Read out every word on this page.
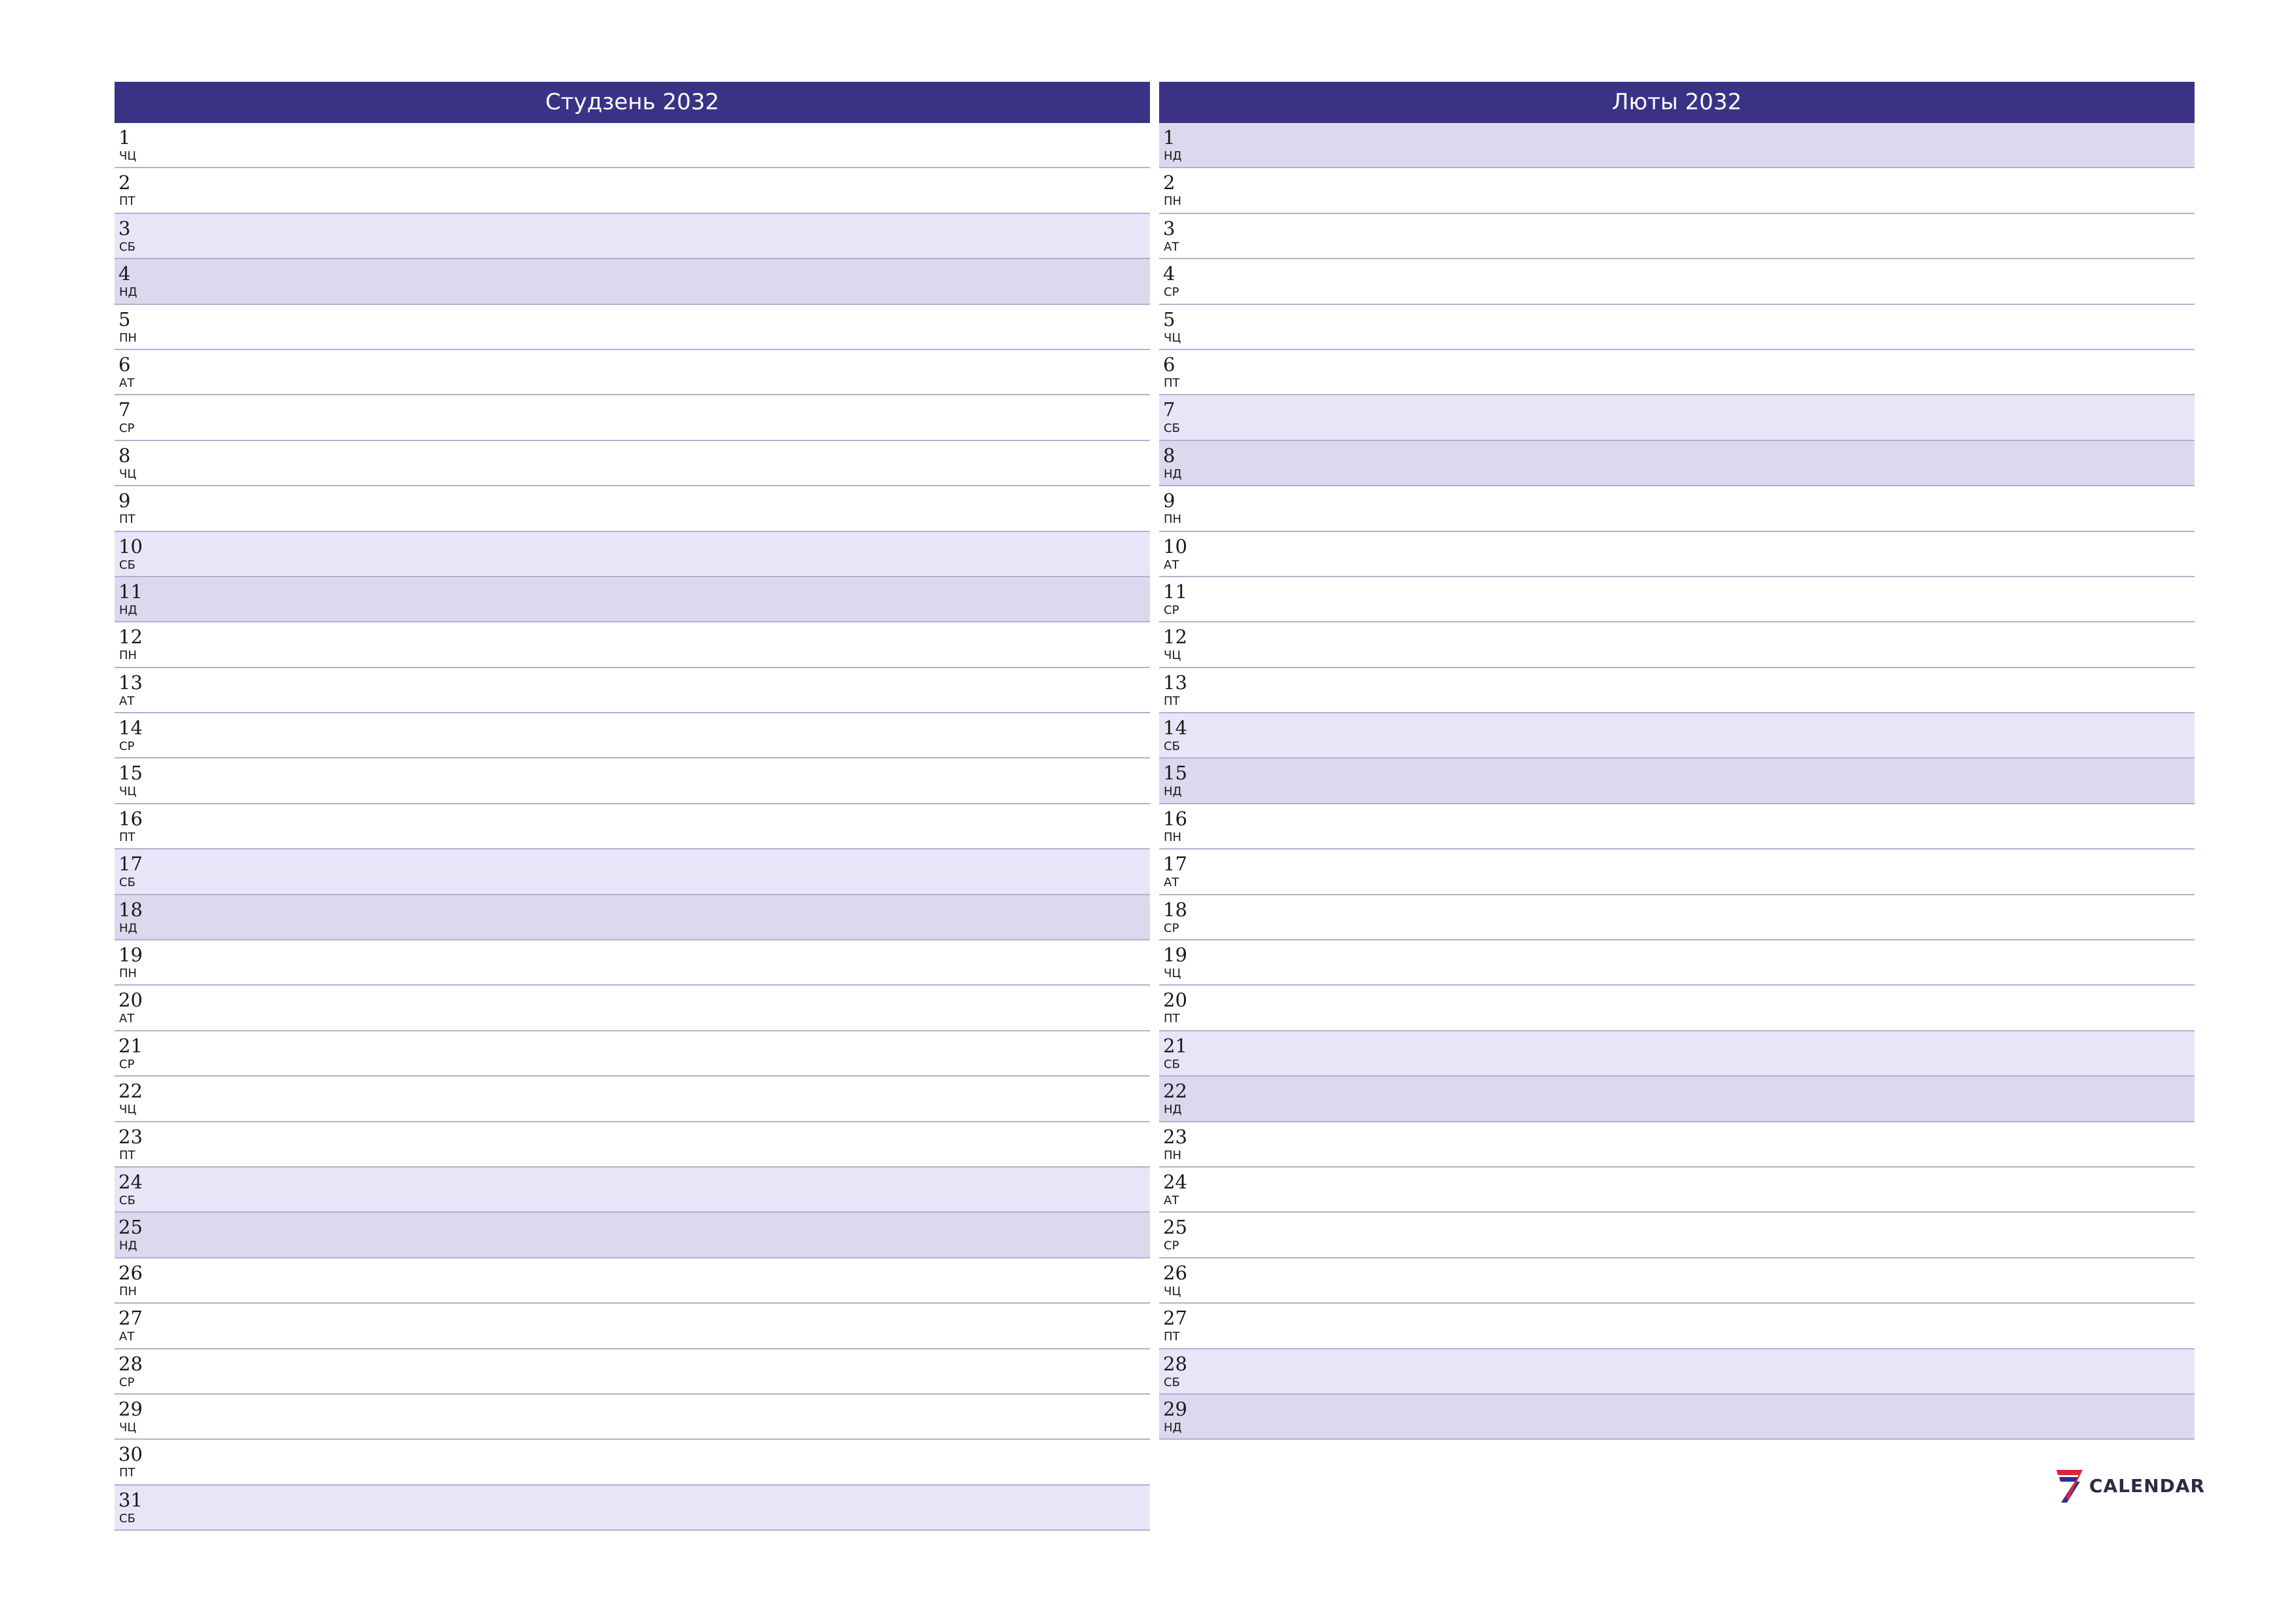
Студзень 2032
1
ЧЦ
2
ПТ
3
СБ
4
НД
5
ПН
6
АТ
7
СР
8
ЧЦ
9
ПТ
10
СБ
11
НД
12
ПН
13
АТ
14
СР
15
ЧЦ
16
ПТ
17
СБ
18
НД
19
ПН
20
АТ
21
СР
22
ЧЦ
23
ПТ
24
СБ
25
НД
26
ПН
27
АТ
28
СР
29
ЧЦ
30
ПТ
31
СБ
Люты 2032
1
НД
2
ПН
3
АТ
4
СР
5
ЧЦ
6
ПТ
7
СБ
8
НД
9
ПН
10
АТ
11
СР
12
ЧЦ
13
ПТ
14
СБ
15
НД
16
ПН
17
АТ
18
СР
19
ЧЦ
20
ПТ
21
СБ
22
НД
23
ПН
24
АТ
25
СР
26
ЧЦ
27
ПТ
28
СБ
29
НД
CALENDAR
